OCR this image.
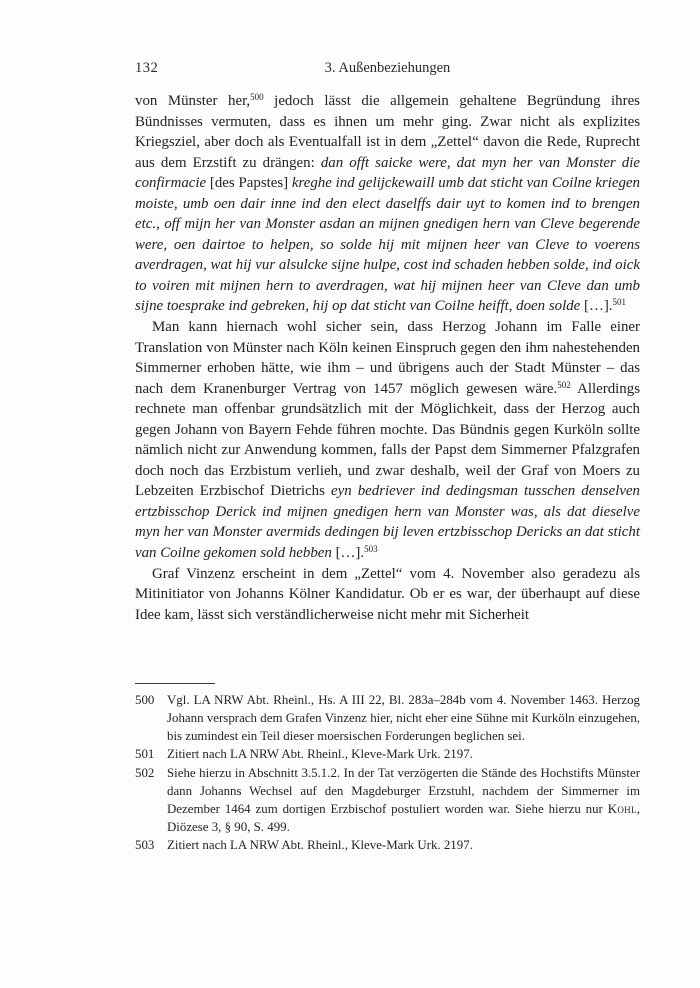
132	3. Außenbeziehungen

von Münster her,$^{500}$ jedoch lässt die allgemein gehaltene Begründung ihres Bündnisses vermuten, dass es ihnen um mehr ging. Zwar nicht als explizites Kriegsziel, aber doch als Eventualfall ist in dem „Zettel“ davon die Rede, Ruprecht aus dem Erzstift zu drängen: dan offt saicke were, dat myn her van Monster die confirmacie [des Papstes] kreghe ind gelijckewaill umb dat sticht van Coilne kriegen moiste, umb oen dair inne ind den elect daselffs dair uyt to komen ind to brengen etc., off mijn her van Monster asdan an mijnen gnedigen hern van Cleve begerende were, oen dairtoe to helpen, so solde hij mit mijnen heer van Cleve to voerens averdragen, wat hij vur alsulcke sijne hulpe, cost ind schaden hebben solde, ind oick to voiren mit mijnen hern to averdragen, wat hij mijnen heer van Cleve dan umb sijne toesprake ind gebreken, hij op dat sticht van Coilne heifft, doen solde […].$^{501}$

Man kann hiernach wohl sicher sein, dass Herzog Johann im Falle einer Translation von Münster nach Köln keinen Einspruch gegen den ihm nahestehenden Simmerner erhoben hätte, wie ihm – und übrigens auch der Stadt Münster – das nach dem Kranenburger Vertrag von 1457 möglich gewesen wäre.$^{502}$ Allerdings rechnete man offenbar grundsätzlich mit der Möglichkeit, dass der Herzog auch gegen Johann von Bayern Fehde führen mochte. Das Bündnis gegen Kurköln sollte nämlich nicht zur Anwendung kommen, falls der Papst dem Simmerner Pfalzgrafen doch noch das Erzbistum verlieh, und zwar deshalb, weil der Graf von Moers zu Lebzeiten Erzbischof Dietrichs eyn bedriever ind dedingsman tusschen denselven ertzbisschop Derick ind mijnen gnedigen hern van Monster was, als dat dieselve myn her van Monster avermids dedingen bij leven ertzbisschop Dericks an dat sticht van Coilne gekomen sold hebben […].$^{503}$

Graf Vinzenz erscheint in dem „Zettel“ vom 4. November also geradezu als Mitinitiator von Johanns Kölner Kandidatur. Ob er es war, der überhaupt auf diese Idee kam, lässt sich verständlicherweise nicht mehr mit Sicherheit

500 Vgl. LA NRW Abt. Rheinl., Hs. A III 22, Bl. 283a–284b vom 4. November 1463. Herzog Johann versprach dem Grafen Vinzenz hier, nicht eher eine Sühne mit Kurköln einzugehen, bis zumindest ein Teil dieser moersischen Forderungen beglichen sei.
501 Zitiert nach LA NRW Abt. Rheinl., Kleve-Mark Urk. 2197.
502 Siehe hierzu in Abschnitt 3.5.1.2. In der Tat verzögerten die Stände des Hochstifts Münster dann Johanns Wechsel auf den Magdeburger Erzstuhl, nachdem der Simmerner im Dezember 1464 zum dortigen Erzbischof postuliert worden war. Siehe hierzu nur Kohl, Diözese 3, § 90, S. 499.
503 Zitiert nach LA NRW Abt. Rheinl., Kleve-Mark Urk. 2197.
